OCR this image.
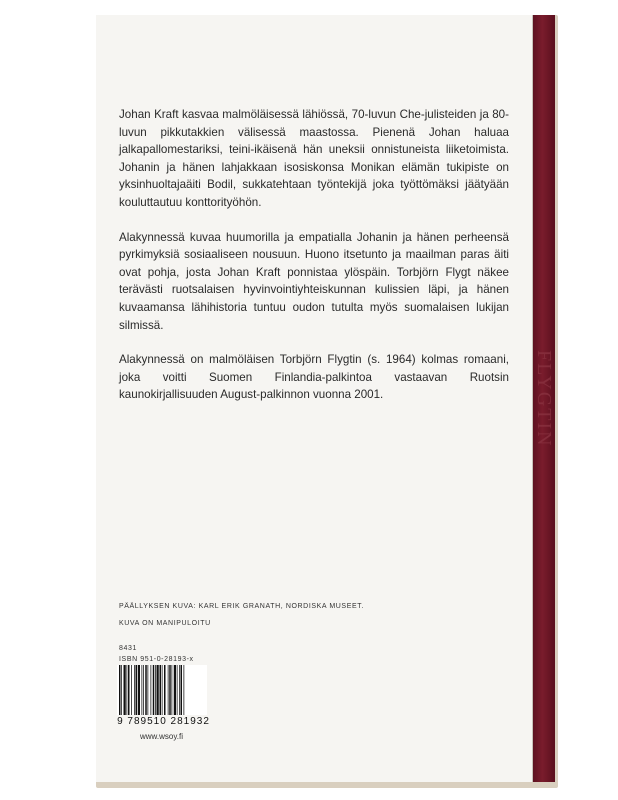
FLYGTIN

Johan Kraft kasvaa malmöläisessä lähiössä, 70-luvun Che-julisteiden ja 80-luvun pikkutakkien välisessä maastossa. Pienenä Johan haluaa jalkapallomestariksi, teini-ikäisenä hän uneksii onnistuneista liiketoimista. Johanin ja hänen lahjakkaan isosiskonsa Monikan elämän tukipiste on yksinhuoltajaäiti Bodil, sukkatehtaan työntekijä joka työttömäksi jäätyään kouluttautuu konttorityöhön.

Alakynnessä kuvaa huumorilla ja empatialla Johanin ja hänen perheensä pyrkimyksiä sosiaaliseen nousuun. Huono itsetunto ja maailman paras äiti ovat pohja, josta Johan Kraft ponnistaa ylöspäin. Torbjörn Flygt näkee terävästi ruotsalaisen hyvinvointiyhteiskunnan kulissien läpi, ja hänen kuvaamansa lähihistoria tuntuu oudon tutulta myös suomalaisen lukijan silmissä.

Alakynnessä on malmöläisen Torbjörn Flygtin (s. 1964) kolmas romaani, joka voitti Suomen Finlandia-palkintoa vastaavan Ruotsin kaunokirjallisuuden August-palkinnon vuonna 2001.

PÄÄLLYKSEN KUVA: KARL ERIK GRANATH, NORDISKA MUSEET.
KUVA ON MANIPULOITU
8431
ISBN 951-0-28193-x
9 789510 281932
www.wsoy.fi
